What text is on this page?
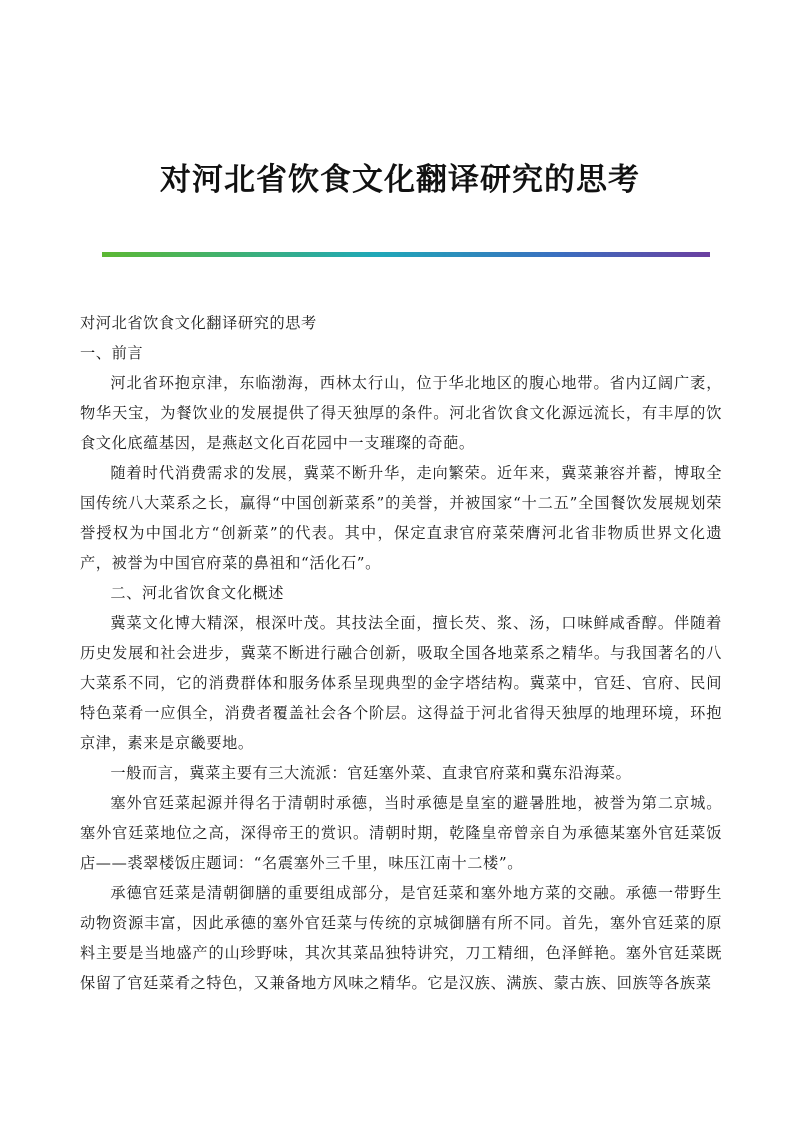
对河北省饮食文化翻译研究的思考

对河北省饮食文化翻译研究的思考

一、前言

河北省环抱京津，东临渤海，西林太行山，位于华北地区的腹心地带。省内辽阔广袤，物华天宝，为餐饮业的发展提供了得天独厚的条件。河北省饮食文化源远流长，有丰厚的饮食文化底蕴基因，是燕赵文化百花园中一支璀璨的奇葩。

随着时代消费需求的发展，冀菜不断升华，走向繁荣。近年来，冀菜兼容并蓄，博取全国传统八大菜系之长，赢得“中国创新菜系”的美誉，并被国家“十二五”全国餐饮发展规划荣誉授权为中国北方“创新菜”的代表。其中，保定直隶官府菜荣膺河北省非物质世界文化遗产，被誉为中国官府菜的鼻祖和“活化石”。

二、河北省饮食文化概述

冀菜文化博大精深，根深叶茂。其技法全面，擅长芡、浆、汤，口味鲜咸香醇。伴随着历史发展和社会进步，冀菜不断进行融合创新，吸取全国各地菜系之精华。与我国著名的八大菜系不同，它的消费群体和服务体系呈现典型的金字塔结构。冀菜中，官廷、官府、民间特色菜肴一应俱全，消费者覆盖社会各个阶层。这得益于河北省得天独厚的地理环境，环抱京津，素来是京畿要地。

一般而言，冀菜主要有三大流派：官廷塞外菜、直隶官府菜和冀东沿海菜。

塞外官廷菜起源并得名于清朝时承德，当时承德是皇室的避暑胜地，被誉为第二京城。塞外官廷菜地位之高，深得帝王的赏识。清朝时期，乾隆皇帝曾亲自为承德某塞外官廷菜饭店——裘翠楼饭庄题词：“名震塞外三千里，味压江南十二楼”。

承德官廷菜是清朝御膳的重要组成部分，是官廷菜和塞外地方菜的交融。承德一带野生动物资源丰富，因此承德的塞外官廷菜与传统的京城御膳有所不同。首先，塞外官廷菜的原料主要是当地盛产的山珍野味，其次其菜品独特讲究，刀工精细，色泽鲜艳。塞外官廷菜既保留了官廷菜肴之特色，又兼备地方风味之精华。它是汉族、满族、蒙古族、回族等各族菜
